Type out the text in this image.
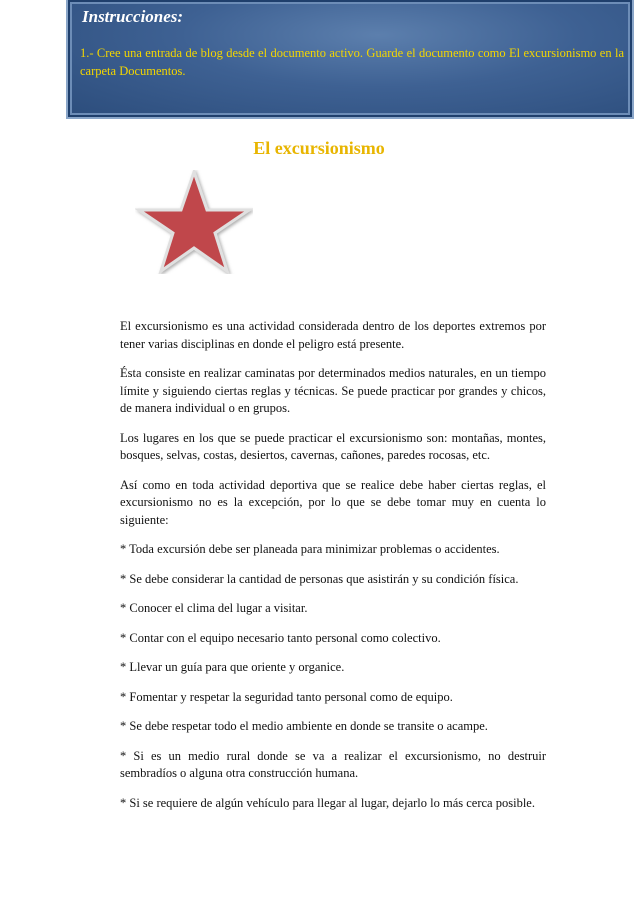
Instrucciones:
1.- Cree una entrada de blog desde el documento activo. Guarde el documento como El excursionismo en la carpeta Documentos.
El excursionismo

El excursionismo es una actividad considerada dentro de los deportes extremos por tener varias disciplinas en donde el peligro está presente.

Ésta consiste en realizar caminatas por determinados medios naturales, en un tiempo límite y siguiendo ciertas reglas y técnicas. Se puede practicar por grandes y chicos, de manera individual o en grupos.

Los lugares en los que se puede practicar el excursionismo son: montañas, montes, bosques, selvas, costas, desiertos, cavernas, cañones, paredes rocosas, etc.

Así como en toda actividad deportiva que se realice debe haber ciertas reglas, el excursionismo no es la excepción, por lo que se debe tomar muy en cuenta lo siguiente:

* Toda excursión debe ser planeada para minimizar problemas o accidentes.

* Se debe considerar la cantidad de personas que asistirán y su condición física.

* Conocer el clima del lugar a visitar.

* Contar con el equipo necesario tanto personal como colectivo.

* Llevar un guía para que oriente y organice.

* Fomentar y respetar la seguridad tanto personal como de equipo.

* Se debe respetar todo el medio ambiente en donde se transite o acampe.

* Si es un medio rural donde se va a realizar el excursionismo, no destruir sembradíos o alguna otra construcción humana.

* Si se requiere de algún vehículo para llegar al lugar, dejarlo lo más cerca posible.
